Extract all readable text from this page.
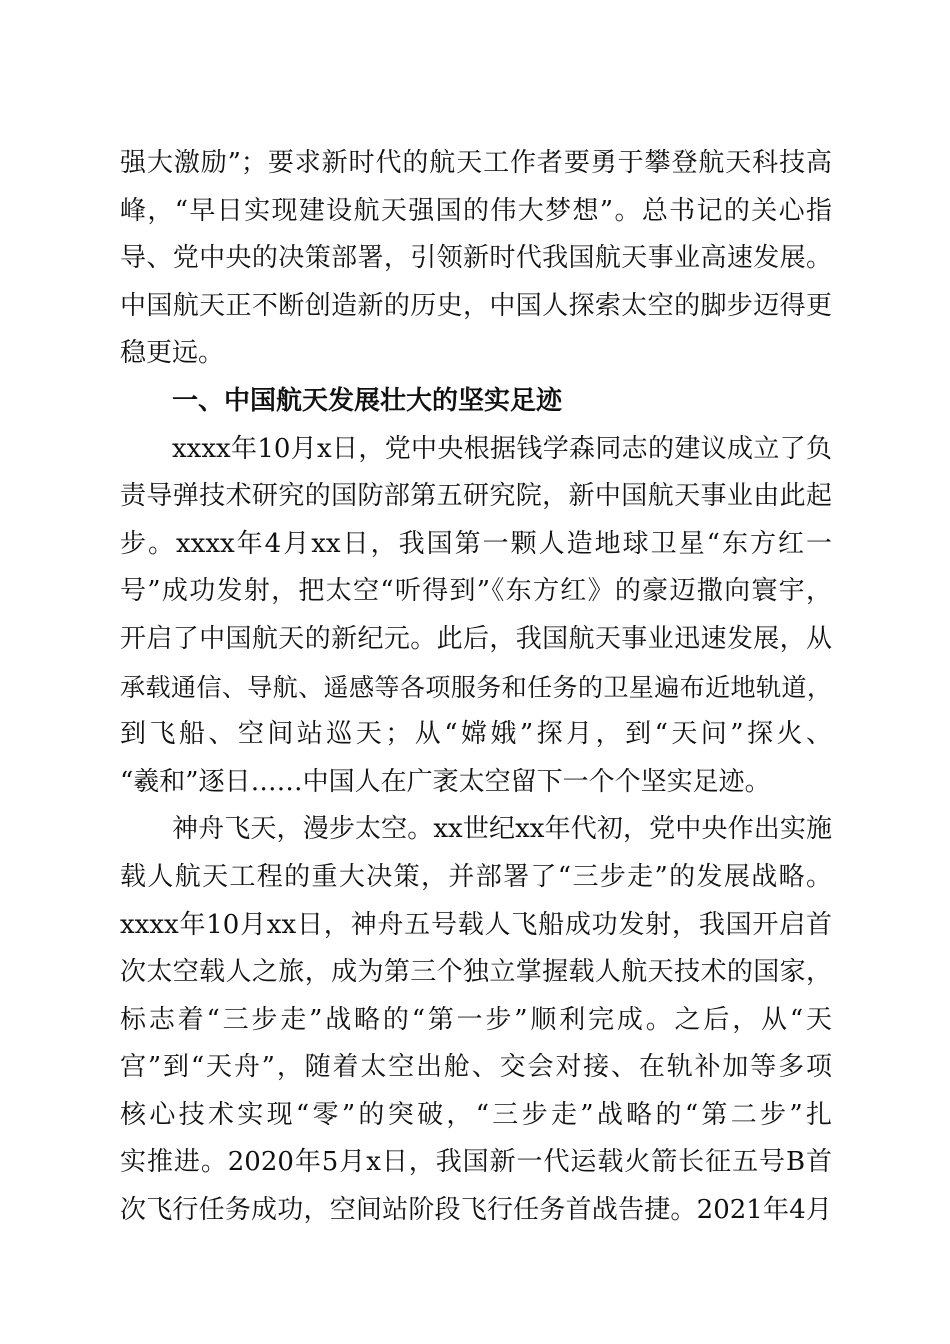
强大激励”；要求新时代的航天工作者要勇于攀登航天科技高
峰，“早日实现建设航天强国的伟大梦想”。总书记的关心指
导、党中央的决策部署，引领新时代我国航天事业高速发展。
中国航天正不断创造新的历史，中国人探索太空的脚步迈得更
稳更远。
一、中国航天发展壮大的坚实足迹
xxxx年10月x日，党中央根据钱学森同志的建议成立了负
责导弹技术研究的国防部第五研究院，新中国航天事业由此起
步。xxxx年4月xx日，我国第一颗人造地球卫星“东方红一
号”成功发射，把太空“听得到”《东方红》的豪迈撒向寰宇，
开启了中国航天的新纪元。此后，我国航天事业迅速发展，从
承载通信、导航、遥感等各项服务和任务的卫星遍布近地轨道，
到飞船、空间站巡天；从“嫦娥”探月，到“天问”探火、
“羲和”逐日……中国人在广袤太空留下一个个坚实足迹。
神舟飞天，漫步太空。xx世纪xx年代初，党中央作出实施
载人航天工程的重大决策，并部署了“三步走”的发展战略。
xxxx年10月xx日，神舟五号载人飞船成功发射，我国开启首
次太空载人之旅，成为第三个独立掌握载人航天技术的国家，
标志着“三步走”战略的“第一步”顺利完成。之后，从“天
宫”到“天舟”，随着太空出舱、交会对接、在轨补加等多项
核心技术实现“零”的突破，“三步走”战略的“第二步”扎
实推进。2020年5月x日，我国新一代运载火箭长征五号B首
次飞行任务成功，空间站阶段飞行任务首战告捷。2021年4月
